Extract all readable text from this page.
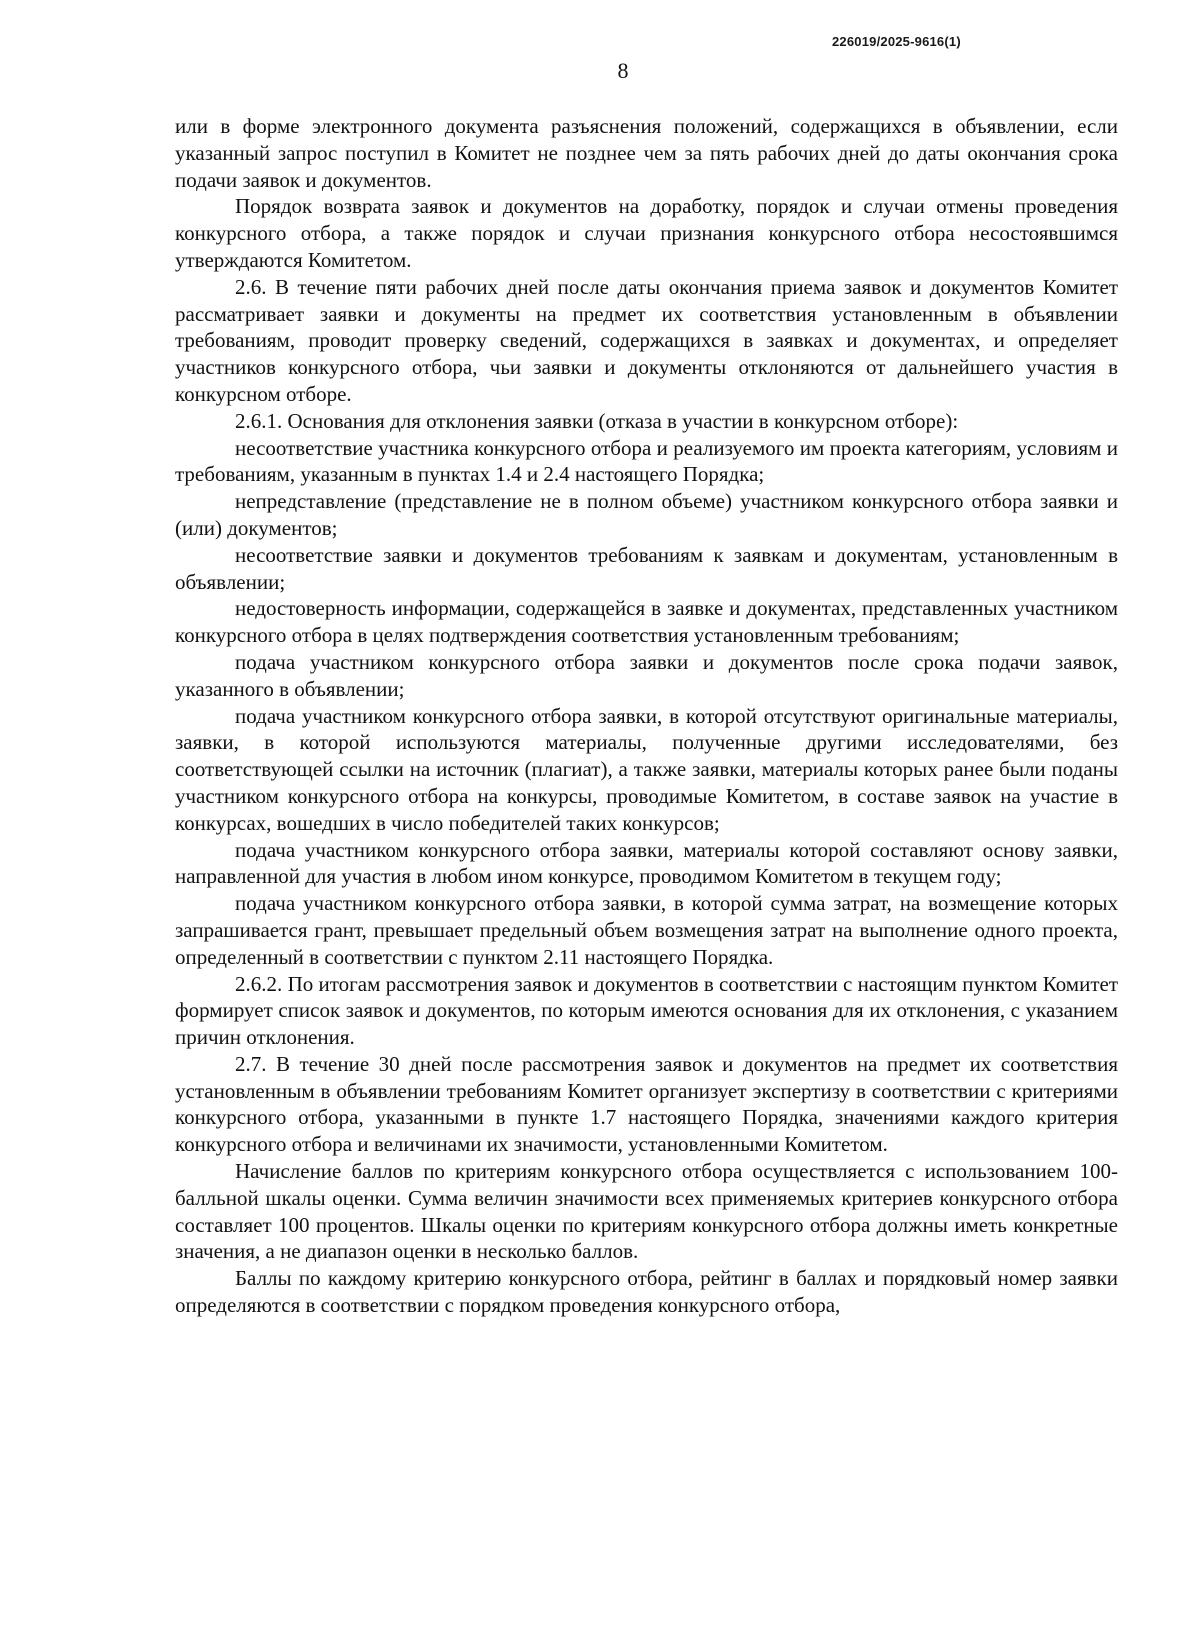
226019/2025-9616(1)
8

или в форме электронного документа разъяснения положений, содержащихся в объявлении, если указанный запрос поступил в Комитет не позднее чем за пять рабочих дней до даты окончания срока подачи заявок и документов.

Порядок возврата заявок и документов на доработку, порядок и случаи отмены проведения конкурсного отбора, а также порядок и случаи признания конкурсного отбора несостоявшимся утверждаются Комитетом.

2.6. В течение пяти рабочих дней после даты окончания приема заявок и документов Комитет рассматривает заявки и документы на предмет их соответствия установленным в объявлении требованиям, проводит проверку сведений, содержащихся в заявках и документах, и определяет участников конкурсного отбора, чьи заявки и документы отклоняются от дальнейшего участия в конкурсном отборе.

2.6.1. Основания для отклонения заявки (отказа в участии в конкурсном отборе):

несоответствие участника конкурсного отбора и реализуемого им проекта категориям, условиям и требованиям, указанным в пунктах 1.4 и 2.4 настоящего Порядка;

непредставление (представление не в полном объеме) участником конкурсного отбора заявки и (или) документов;

несоответствие заявки и документов требованиям к заявкам и документам, установленным в объявлении;

недостоверность информации, содержащейся в заявке и документах, представленных участником конкурсного отбора в целях подтверждения соответствия установленным требованиям;

подача участником конкурсного отбора заявки и документов после срока подачи заявок, указанного в объявлении;

подача участником конкурсного отбора заявки, в которой отсутствуют оригинальные материалы, заявки, в которой используются материалы, полученные другими исследователями, без соответствующей ссылки на источник (плагиат), а также заявки, материалы которых ранее были поданы участником конкурсного отбора на конкурсы, проводимые Комитетом, в составе заявок на участие в конкурсах, вошедших в число победителей таких конкурсов;

подача участником конкурсного отбора заявки, материалы которой составляют основу заявки, направленной для участия в любом ином конкурсе, проводимом Комитетом в текущем году;

подача участником конкурсного отбора заявки, в которой сумма затрат, на возмещение которых запрашивается грант, превышает предельный объем возмещения затрат на выполнение одного проекта, определенный в соответствии с пунктом 2.11 настоящего Порядка.

2.6.2. По итогам рассмотрения заявок и документов в соответствии с настоящим пунктом Комитет формирует список заявок и документов, по которым имеются основания для их отклонения, с указанием причин отклонения.

2.7. В течение 30 дней после рассмотрения заявок и документов на предмет их соответствия установленным в объявлении требованиям Комитет организует экспертизу в соответствии с критериями конкурсного отбора, указанными в пункте 1.7 настоящего Порядка, значениями каждого критерия конкурсного отбора и величинами их значимости, установленными Комитетом.

Начисление баллов по критериям конкурсного отбора осуществляется с использованием 100-балльной шкалы оценки. Сумма величин значимости всех применяемых критериев конкурсного отбора составляет 100 процентов. Шкалы оценки по критериям конкурсного отбора должны иметь конкретные значения, а не диапазон оценки в несколько баллов.

Баллы по каждому критерию конкурсного отбора, рейтинг в баллах и порядковый номер заявки определяются в соответствии с порядком проведения конкурсного отбора,
